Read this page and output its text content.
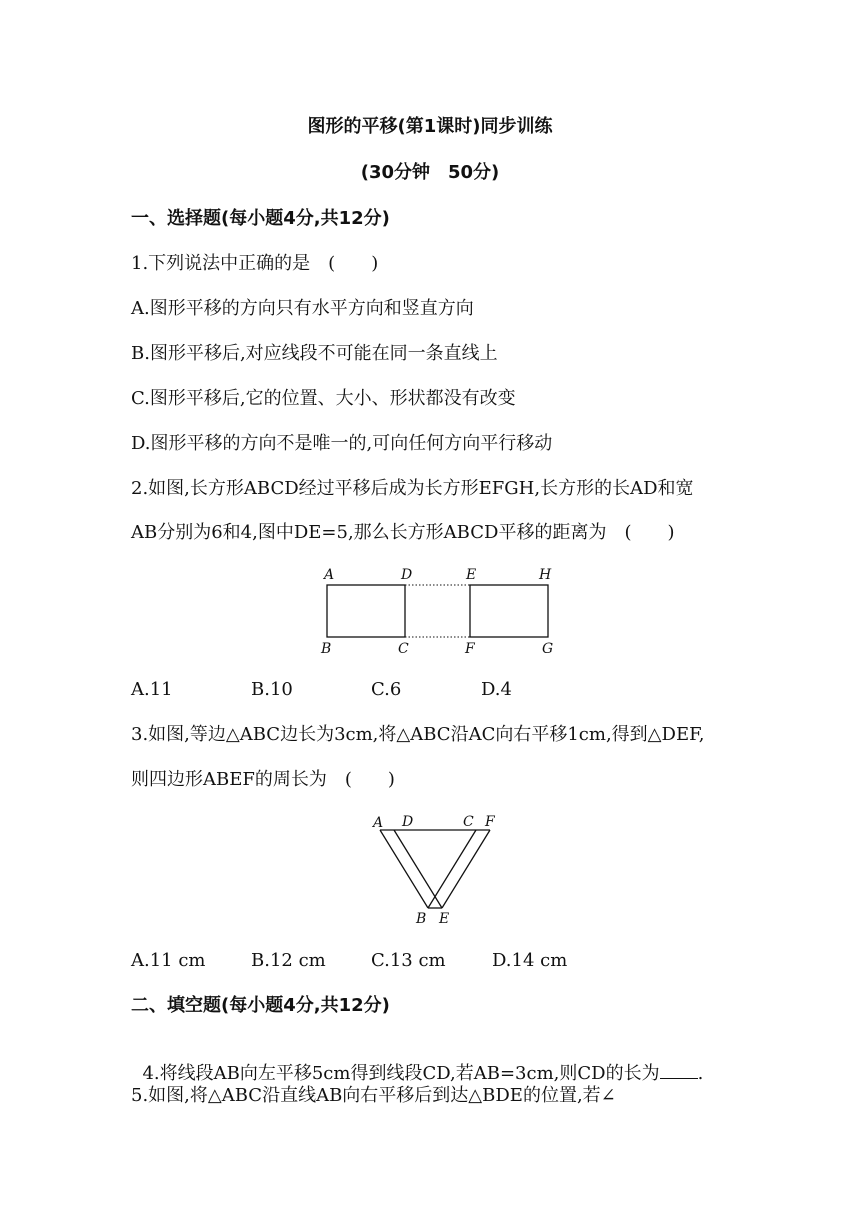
图形的平移(第1课时)同步训练
(30分钟　50分)
一、选择题(每小题4分,共12分)
1.下列说法中正确的是　(　　)
A.图形平移的方向只有水平方向和竖直方向
B.图形平移后,对应线段不可能在同一条直线上
C.图形平移后,它的位置、大小、形状都没有改变
D.图形平移的方向不是唯一的,可向任何方向平行移动
2.如图,长方形ABCD经过平移后成为长方形EFGH,长方形的长AD和宽
AB分别为6和4,图中DE=5,那么长方形ABCD平移的距离为　(　　)
A	D	E	H
B	C	F	G
A.11	B.10	C.6	D.4
3.如图,等边△ABC边长为3cm,将△ABC沿AC向右平移1cm,得到△DEF,
则四边形ABEF的周长为　(　　)
A D	C F
B E
A.11 cm	B.12 cm	C.13 cm	D.14 cm
二、填空题(每小题4分,共12分)

4.将线段AB向左平移5cm得到线段CD,若AB=3cm,则CD的长为 .

5.如图,将△ABC沿直线AB向右平移后到达△BDE的位置,若∠
